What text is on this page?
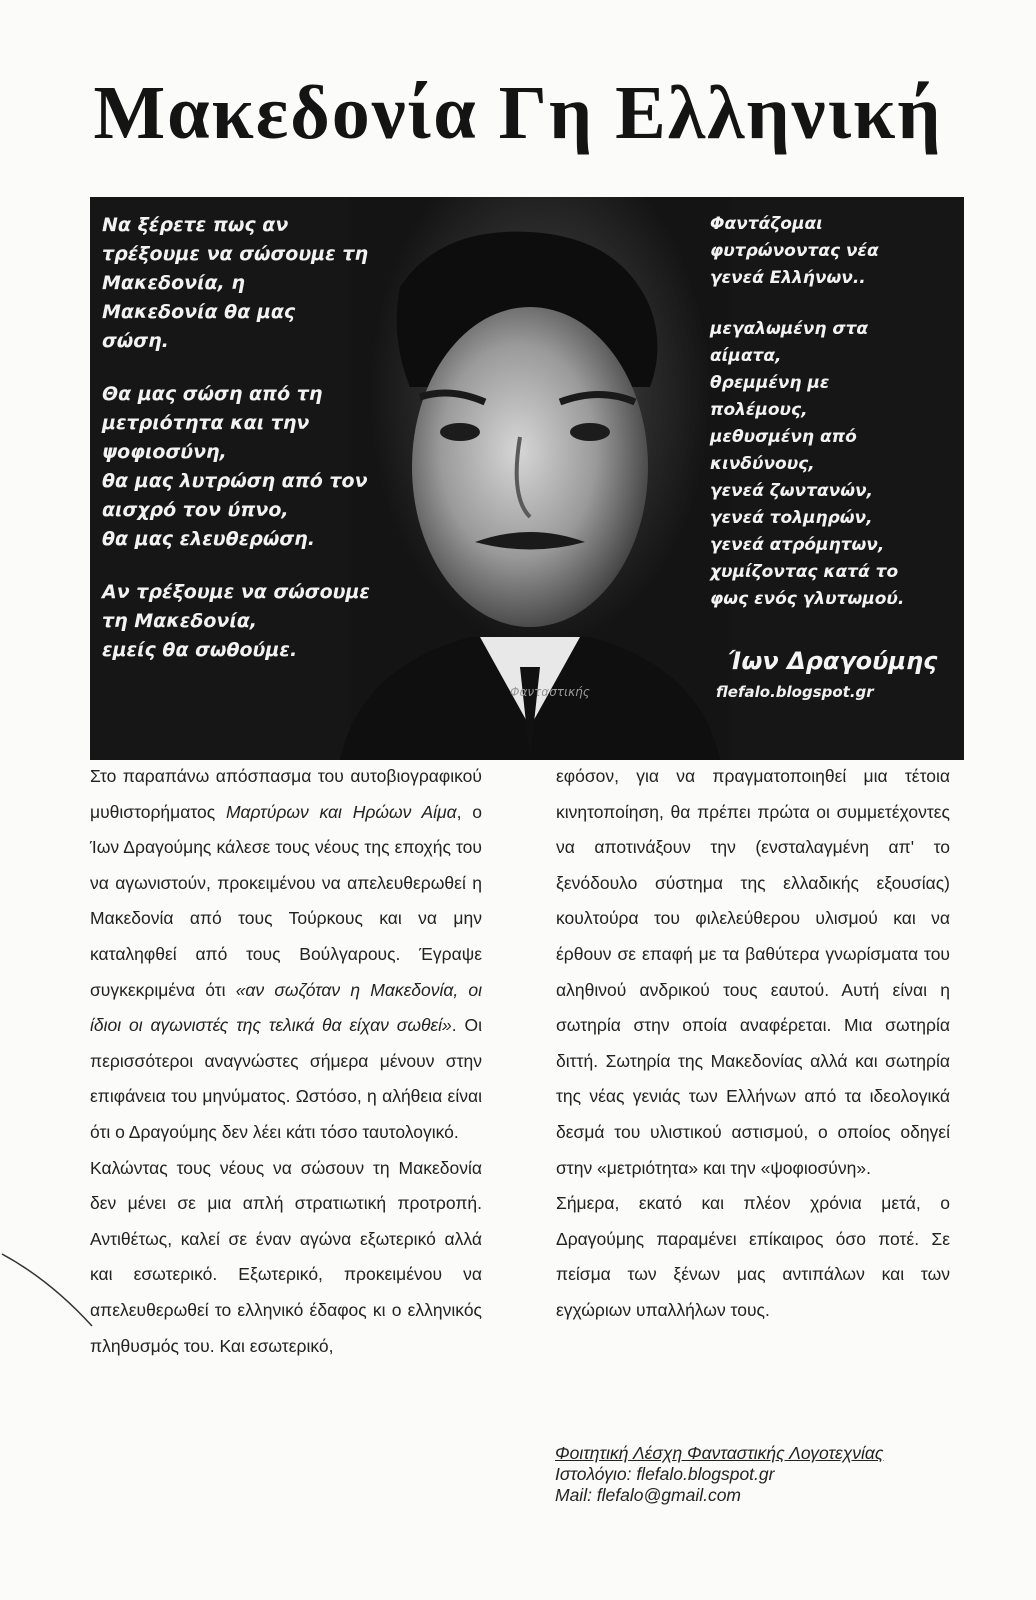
Μακεδονία Γη Ελληνική

Να ξέρετε πως αν
τρέξουμε να σώσουμε τη
Μακεδονία, η
Μακεδονία θα μας
σώση.

Θα μας σώση από τη
μετριότητα και την
ψοφιοσύνη,
θα μας λυτρώση από τον
αισχρό τον ύπνο,
θα μας ελευθερώση.

Αν τρέξουμε να σώσουμε
τη Μακεδονία,
εμείς θα σωθούμε.

Φαντάζομαι
φυτρώνοντας νέα
γενεά Ελλήνων..

μεγαλωμένη στα
αίματα,
θρεμμένη με
πολέμους,
μεθυσμένη από
κινδύνους,
γενεά ζωντανών,
γενεά τολμηρών,
γενεά ατρόμητων,
χυμίζοντας κατά το
φως ενός γλυτωμού.

Ίων Δραγούμης
flefalo.blogspot.gr
Φανταστικής

Στο παραπάνω απόσπασμα του αυτοβιογραφικού μυθιστορήματος Μαρτύρων και Ηρώων Αίμα, ο Ίων Δραγούμης κάλεσε τους νέους της εποχής του να αγωνιστούν, προκειμένου να απελευθερωθεί η Μακεδονία από τους Τούρκους και να μην καταληφθεί από τους Βούλγαρους. Έγραψε συγκεκριμένα ότι «αν σωζόταν η Μακεδονία, οι ίδιοι οι αγωνιστές της τελικά θα είχαν σωθεί». Οι περισσότεροι αναγνώστες σήμερα μένουν στην επιφάνεια του μηνύματος. Ωστόσο, η αλήθεια είναι ότι ο Δραγούμης δεν λέει κάτι τόσο ταυτολογικό.

Καλώντας τους νέους να σώσουν τη Μακεδονία δεν μένει σε μια απλή στρατιωτική προτροπή. Αντιθέτως, καλεί σε έναν αγώνα εξωτερικό αλλά και εσωτερικό. Εξωτερικό, προκειμένου να απελευθερωθεί το ελληνικό έδαφος κι ο ελληνικός πληθυσμός του. Και εσωτερικό,

εφόσον, για να πραγματοποιηθεί μια τέτοια κινητοποίηση, θα πρέπει πρώτα οι συμμετέχοντες να αποτινάξουν την (ενσταλαγμένη απ' το ξενόδουλο σύστημα της ελλαδικής εξουσίας) κουλτούρα του φιλελεύθερου υλισμού και να έρθουν σε επαφή με τα βαθύτερα γνωρίσματα του αληθινού ανδρικού τους εαυτού. Αυτή είναι η σωτηρία στην οποία αναφέρεται. Μια σωτηρία διττή. Σωτηρία της Μακεδονίας αλλά και σωτηρία της νέας γενιάς των Ελλήνων από τα ιδεολογικά δεσμά του υλιστικού αστισμού, ο οποίος οδηγεί στην «μετριότητα» και την «ψοφιοσύνη».

Σήμερα, εκατό και πλέον χρόνια μετά, ο Δραγούμης παραμένει επίκαιρος όσο ποτέ. Σε πείσμα των ξένων μας αντιπάλων και των εγχώριων υπαλλήλων τους.

Φοιτητική Λέσχη Φανταστικής Λογοτεχνίας
Ιστολόγιο: flefalo.blogspot.gr
Mail: flefalo@gmail.com
